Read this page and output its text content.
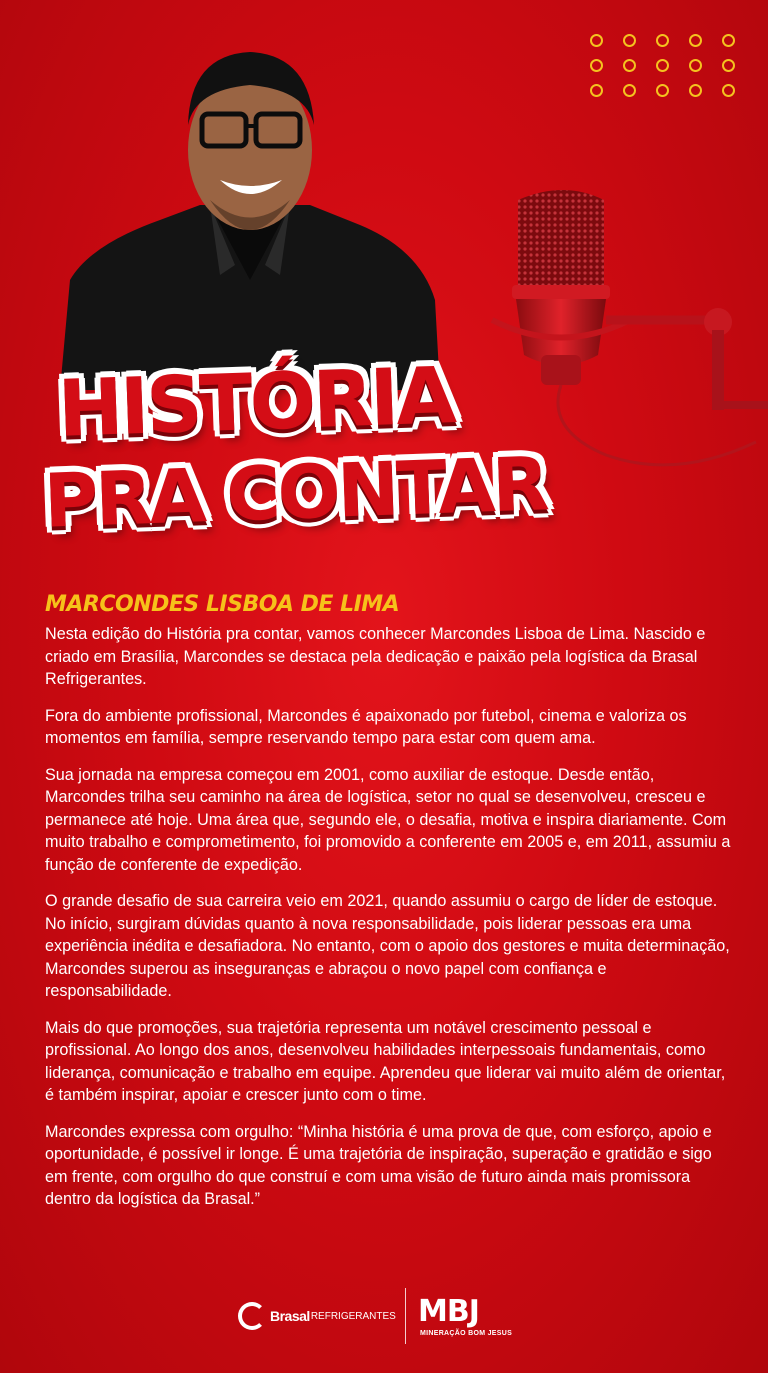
HISTÓRIA
PRA CONTAR
MARCONDES LISBOA DE LIMA

Nesta edição do História pra contar, vamos conhecer Marcondes Lisboa de Lima. Nascido e criado em Brasília, Marcondes se destaca pela dedicação e paixão pela logística da Brasal Refrigerantes.

Fora do ambiente profissional, Marcondes é apaixonado por futebol, cinema e valoriza os momentos em família, sempre reservando tempo para estar com quem ama.

Sua jornada na empresa começou em 2001, como auxiliar de estoque. Desde então, Marcondes trilha seu caminho na área de logística, setor no qual se desenvolveu, cresceu e permanece até hoje. Uma área que, segundo ele, o desafia, motiva e inspira diariamente. Com muito trabalho e comprometimento, foi promovido a conferente em 2005 e, em 2011, assumiu a função de conferente de expedição.

O grande desafio de sua carreira veio em 2021, quando assumiu o cargo de líder de estoque. No início, surgiram dúvidas quanto à nova responsabilidade, pois liderar pessoas era uma experiência inédita e desafiadora. No entanto, com o apoio dos gestores e muita determinação, Marcondes superou as inseguranças e abraçou o novo papel com confiança e responsabilidade.

Mais do que promoções, sua trajetória representa um notável crescimento pessoal e profissional. Ao longo dos anos, desenvolveu habilidades interpessoais fundamentais, como liderança, comunicação e trabalho em equipe. Aprendeu que liderar vai muito além de orientar, é também inspirar, apoiar e crescer junto com o time.

Marcondes expressa com orgulho: “Minha história é uma prova de que, com esforço, apoio e oportunidade, é possível ir longe. É uma trajetória de inspiração, superação e gratidão e sigo em frente, com orgulho do que construí e com uma visão de futuro ainda mais promissora dentro da logística da Brasal.”

Brasal REFRIGERANTES MBJ
MINERAÇÃO BOM JESUS
